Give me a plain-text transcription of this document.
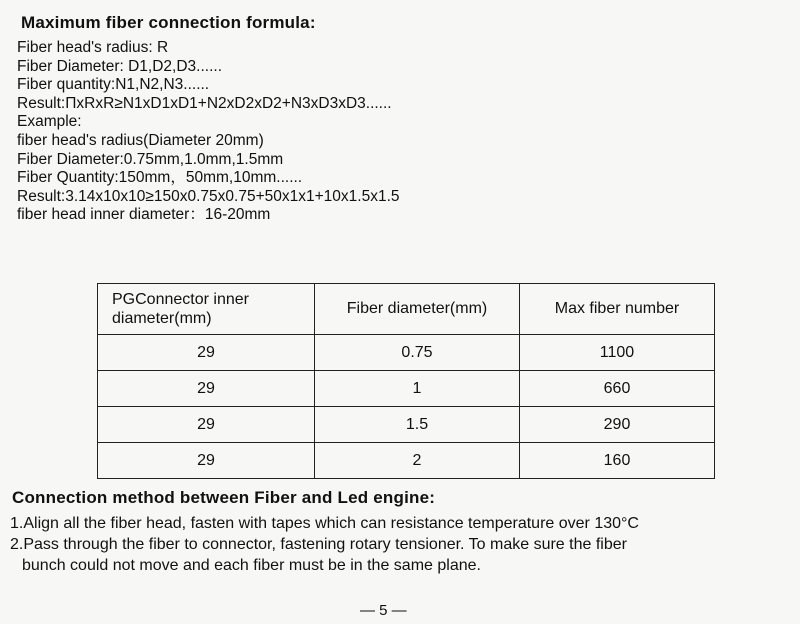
Maximum fiber connection formula:
Fiber head's radius: R
Fiber Diameter: D1,D2,D3......
Fiber quantity:N1,N2,N3......
Result:ΠxRxR≥N1xD1xD1+N2xD2xD2+N3xD3xD3......
Example:
fiber head's radius(Diameter 20mm)
Fiber Diameter:0.75mm,1.0mm,1.5mm
Fiber Quantity:150mm，50mm,10mm......
Result:3.14x10x10≥150x0.75x0.75+50x1x1+10x1.5x1.5
fiber head inner diameter：16-20mm
PGConnector inner diameter(mm)	Fiber diameter(mm)	Max fiber number
29	0.75	1100
29	1	660
29	1.5	290
29	2	160
Connection method between Fiber and Led engine:
1.Align all the fiber head, fasten with tapes which can resistance temperature over 130°C
2.Pass through the fiber to connector, fastening rotary tensioner. To make sure the fiber
bunch could not move and each fiber must be in the same plane.
— 5 —
